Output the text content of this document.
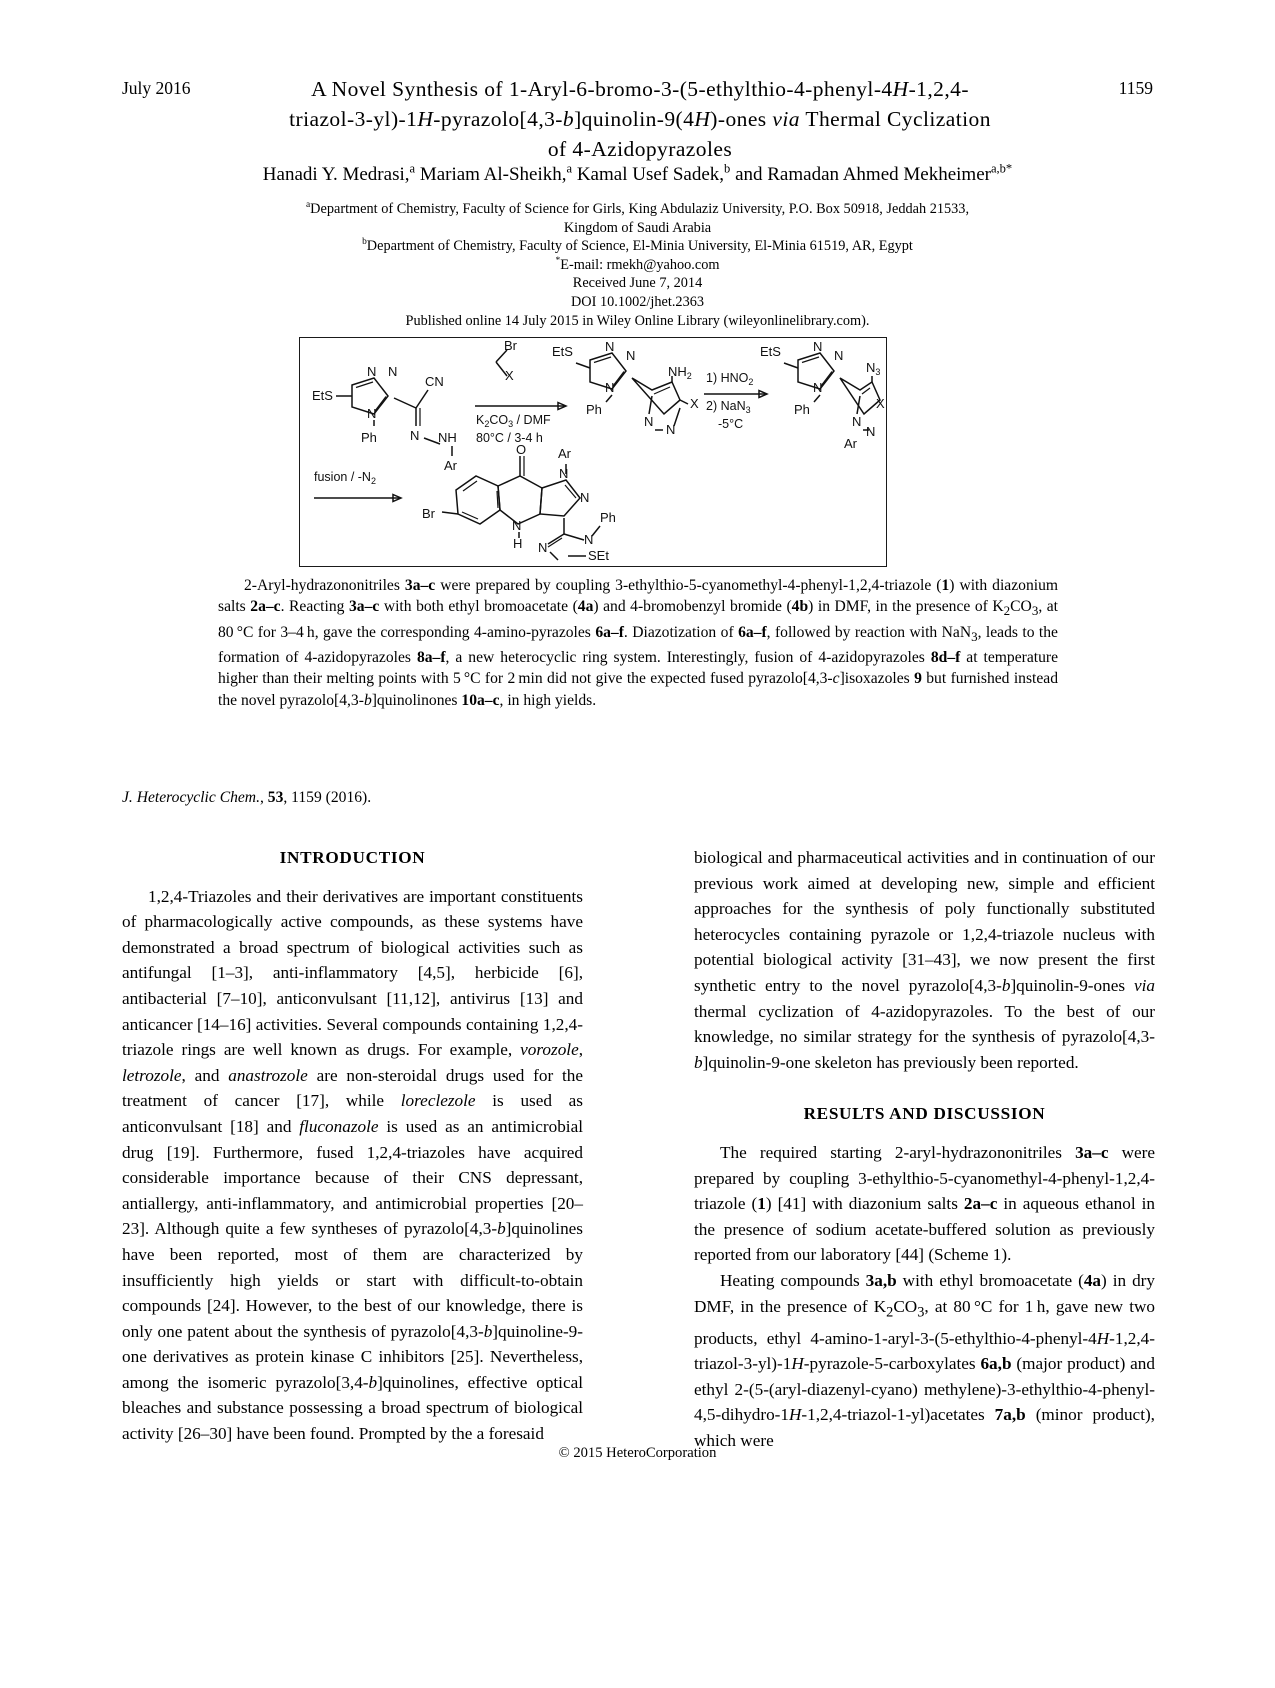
July 2016	1159
A Novel Synthesis of 1-Aryl-6-bromo-3-(5-ethylthio-4-phenyl-4H-1,2,4-
triazol-3-yl)-1H-pyrazolo[4,3-b]quinolin-9(4H)-ones via Thermal Cyclization
of 4-Azidopyrazoles
Hanadi Y. Medrasi,$^a$ Mariam Al-Sheikh,$^a$ Kamal Usef Sadek,$^b$ and Ramadan Ahmed Mekheimer$^{a,b*}$
$^a$Department of Chemistry, Faculty of Science for Girls, King Abdulaziz University, P.O. Box 50918, Jeddah 21533,
Kingdom of Saudi Arabia
$^b$Department of Chemistry, Faculty of Science, El-Minia University, El-Minia 61519, AR, Egypt
*E-mail: rmekh@yahoo.com
Received June 7, 2014
DOI 10.1002/jhet.2363
Published online 14 July 2015 in Wiley Online Library (wileyonlinelibrary.com).
EtS
N N
N
Ph
CN
N NH
Ar
Br
X
$K_2CO_3$ / DMF
80°C / 3-4 h
EtS N
N
N
Ph
$NH_2$
N
N
X
1) $HNO_2$
2) NaN$_3$
-5°C
EtS N
N
N
Ph
$N_3$
N
N
X
Ar
fusion / $-N_2$
Br
O
N
H
N
N
Ar
N
N
Ph
SEt
2-Aryl-hydrazononitriles 3a–c were prepared by coupling 3-ethylthio-5-cyanomethyl-4-phenyl-1,2,4-triazole (1) with diazonium salts 2a–c. Reacting 3a–c with both ethyl bromoacetate (4a) and 4-bromobenzyl bromide (4b) in DMF, in the presence of $K_2CO_3$, at 80 °C for 3–4 h, gave the corresponding 4-amino-pyrazoles 6a–f. Diazotization of 6a–f, followed by reaction with NaN$_3$, leads to the formation of 4-azidopyrazoles 8a–f, a new heterocyclic ring system. Interestingly, fusion of 4-azidopyrazoles 8d–f at temperature higher than their melting points with 5 °C for 2 min did not give the expected fused pyrazolo[4,3-c]isoxazoles 9 but furnished instead the novel pyrazolo[4,3-b]quinolinones 10a–c, in high yields.
J. Heterocyclic Chem., 53, 1159 (2016).
INTRODUCTION

1,2,4-Triazoles and their derivatives are important constituents of pharmacologically active compounds, as these systems have demonstrated a broad spectrum of biological activities such as antifungal [1–3], anti-inflammatory [4,5], herbicide [6], antibacterial [7–10], anticonvulsant [11,12], antivirus [13] and anticancer [14–16] activities. Several compounds containing 1,2,4-triazole rings are well known as drugs. For example, vorozole, letrozole, and anastrozole are non-steroidal drugs used for the treatment of cancer [17], while loreclezole is used as anticonvulsant [18] and fluconazole is used as an antimicrobial drug [19]. Furthermore, fused 1,2,4-triazoles have acquired considerable importance because of their CNS depressant, antiallergy, anti-inflammatory, and antimicrobial properties [20–23]. Although quite a few syntheses of pyrazolo[4,3-b]quinolines have been reported, most of them are characterized by insufficiently high yields or start with difficult-to-obtain compounds [24]. However, to the best of our knowledge, there is only one patent about the synthesis of pyrazolo[4,3-b]quinoline-9-one derivatives as protein kinase C inhibitors [25]. Nevertheless, among the isomeric pyrazolo[3,4-b]quinolines, effective optical bleaches and substance possessing a broad spectrum of biological activity [26–30] have been found. Prompted by the a foresaid

biological and pharmaceutical activities and in continuation of our previous work aimed at developing new, simple and efficient approaches for the synthesis of poly functionally substituted heterocycles containing pyrazole or 1,2,4-triazole nucleus with potential biological activity [31–43], we now present the first synthetic entry to the novel pyrazolo[4,3-b]quinolin-9-ones via thermal cyclization of 4-azidopyrazoles. To the best of our knowledge, no similar strategy for the synthesis of pyrazolo[4,3-b]quinolin-9-one skeleton has previously been reported.

RESULTS AND DISCUSSION

The required starting 2-aryl-hydrazononitriles 3a–c were prepared by coupling 3-ethylthio-5-cyanomethyl-4-phenyl-1,2,4-triazole (1) [41] with diazonium salts 2a–c in aqueous ethanol in the presence of sodium acetate-buffered solution as previously reported from our laboratory [44] (Scheme 1).

Heating compounds 3a,b with ethyl bromoacetate (4a) in dry DMF, in the presence of $K_2CO_3$, at 80 °C for 1 h, gave new two products, ethyl 4-amino-1-aryl-3-(5-ethylthio-4-phenyl-4H-1,2,4-triazol-3-yl)-1H-pyrazole-5-carboxylates 6a,b (major product) and ethyl 2-(5-(aryl-diazenyl-cyano) methylene)-3-ethylthio-4-phenyl-4,5-dihydro-1H-1,2,4-triazol-1-yl)acetates 7a,b (minor product), which were

© 2015 HeteroCorporation
